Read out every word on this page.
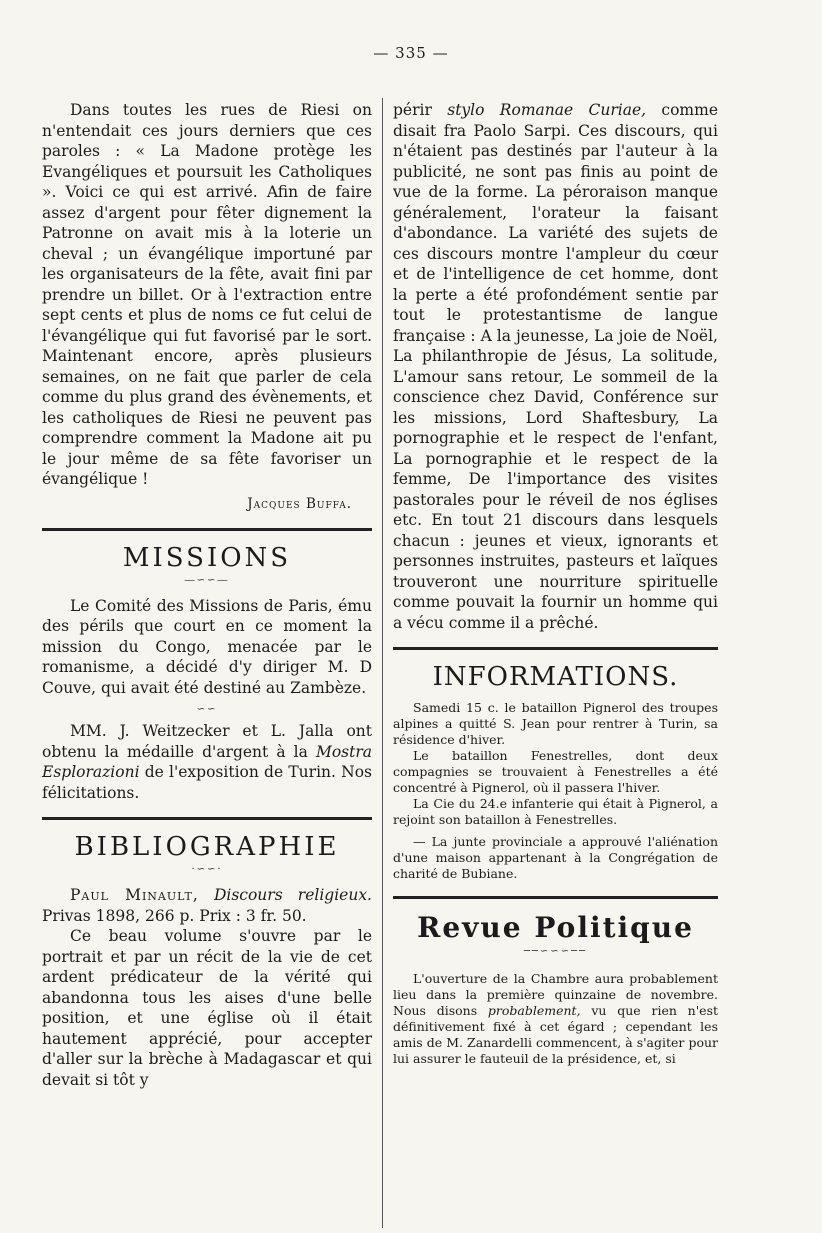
— 335 —

Dans toutes les rues de Riesi on n'entendait ces jours derniers que ces paroles : « La Madone protège les Evangéliques et poursuit les Catholiques ». Voici ce qui est arrivé. Afin de faire assez d'argent pour fêter dignement la Patronne on avait mis à la loterie un cheval ; un évangélique importuné par les organisateurs de la fête, avait fini par prendre un billet. Or à l'extraction entre sept cents et plus de noms ce fut celui de l'évangélique qui fut favorisé par le sort. Maintenant encore, après plusieurs semaines, on ne fait que parler de cela comme du plus grand des évènements, et les catholiques de Riesi ne peuvent pas comprendre comment la Madone ait pu le jour même de sa fête favoriser un évangélique !

Jacques Buffa.
MISSIONS
―∽∽―

Le Comité des Missions de Paris, ému des périls que court en ce moment la mission du Congo, menacée par le romanisme, a décidé d'y diriger M. D Couve, qui avait été destiné au Zambèze.

∽∽

MM. J. Weitzecker et L. Jalla ont obtenu la médaille d'argent à la Mostra Esplorazioni de l'exposition de Turin. Nos félicitations.

BIBLIOGRAPHIE
·∽∽·

Paul Minault, Discours religieux. Privas 1898, 266 p. Prix : 3 fr. 50.

Ce beau volume s'ouvre par le portrait et par un récit de la vie de cet ardent prédicateur de la vérité qui abandonna tous les aises d'une belle position, et une église où il était hautement apprécié, pour accepter d'aller sur la brèche à Madagascar et qui devait si tôt y

périr stylo Romanae Curiae, comme disait fra Paolo Sarpi. Ces discours, qui n'étaient pas destinés par l'auteur à la publicité, ne sont pas finis au point de vue de la forme. La péroraison manque généralement, l'orateur la faisant d'abondance. La variété des sujets de ces discours montre l'ampleur du cœur et de l'intelligence de cet homme, dont la perte a été profondément sentie par tout le protestantisme de langue française : A la jeunesse, La joie de Noël, La philanthropie de Jésus, La solitude, L'amour sans retour, Le sommeil de la conscience chez David, Conférence sur les missions, Lord Shaftesbury, La pornographie et le respect de l'enfant, La pornographie et le respect de la femme, De l'importance des visites pastorales pour le réveil de nos églises etc. En tout 21 discours dans lesquels chacun : jeunes et vieux, ignorants et personnes instruites, pasteurs et laïques trouveront une nourriture spirituelle comme pouvait la fournir un homme qui a vécu comme il a prêché.

INFORMATIONS.

Samedi 15 c. le bataillon Pignerol des troupes alpines a quitté S. Jean pour rentrer à Turin, sa résidence d'hiver.

Le bataillon Fenestrelles, dont deux compagnies se trouvaient à Fenestrelles a été concentré à Pignerol, où il passera l'hiver.

La Cie du 24.e infanterie qui était à Pignerol, a rejoint son bataillon à Fenestrelles.

— La junte provinciale a approuvé l'aliénation d'une maison appartenant à la Congrégation de charité de Bubiane.

Revue Politique
──∽∽∽──

L'ouverture de la Chambre aura probablement lieu dans la première quinzaine de novembre. Nous disons probablement, vu que rien n'est définitivement fixé à cet égard ; cependant les amis de M. Zanardelli commencent, à s'agiter pour lui assurer le fauteuil de la présidence, et, si
